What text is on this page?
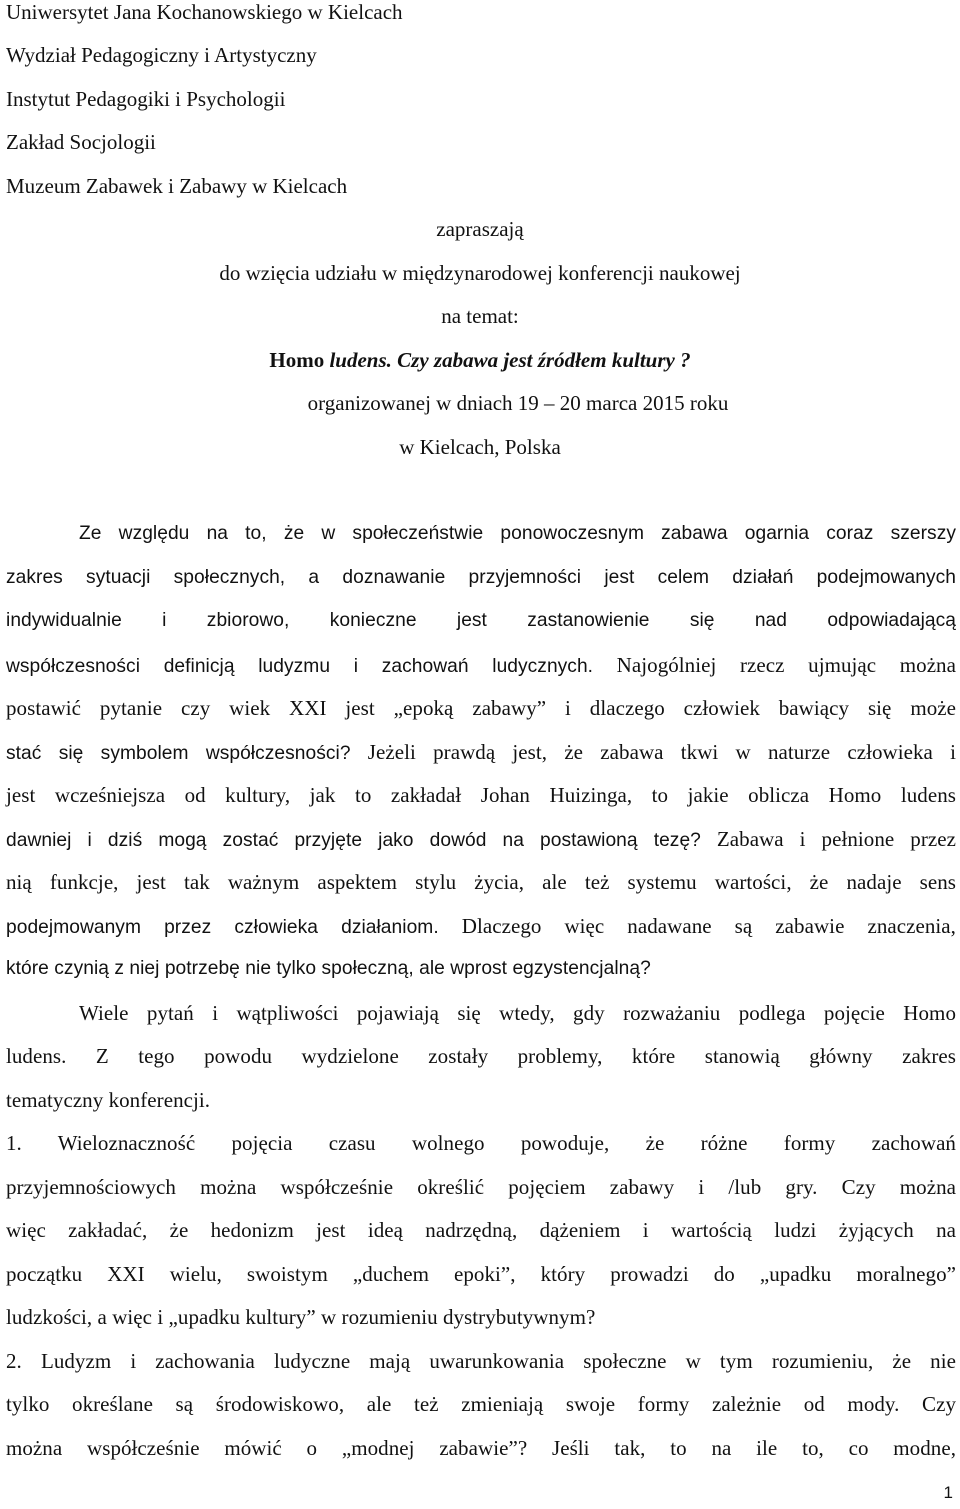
Uniwersytet Jana Kochanowskiego w Kielcach
Wydział Pedagogiczny i Artystyczny
Instytut Pedagogiki i Psychologii
Zakład Socjologii
Muzeum Zabawek i Zabawy w Kielcach
zapraszają
do wzięcia udziału w międzynarodowej konferencji naukowej
na temat:
Homo ludens. Czy zabawa jest źródłem kultury ?
organizowanej w dniach 19 – 20 marca 2015 roku
w Kielcach, Polska
Ze względu na to, że w społeczeństwie ponowoczesnym zabawa ogarnia coraz szerszy
zakres sytuacji społecznych, a doznawanie przyjemności jest celem działań podejmowanych
indywidualnie i zbiorowo, konieczne jest zastanowienie się nad odpowiadającą
współczesności definicją ludyzmu i zachowań ludycznych. Najogólniej rzecz ujmując można
postawić pytanie czy wiek XXI jest „epoką zabawy” i dlaczego człowiek bawiący się może
stać się symbolem współczesności? Jeżeli prawdą jest, że zabawa tkwi w naturze człowieka i
jest wcześniejsza od kultury, jak to zakładał Johan Huizinga, to jakie oblicza Homo ludens
dawniej i dziś mogą zostać przyjęte jako dowód na postawioną tezę? Zabawa i pełnione przez
nią funkcje, jest tak ważnym aspektem stylu życia, ale też systemu wartości, że nadaje sens
podejmowanym przez człowieka działaniom. Dlaczego więc nadawane są zabawie znaczenia,
które czynią z niej potrzebę nie tylko społeczną, ale wprost egzystencjalną?
Wiele pytań i wątpliwości pojawiają się wtedy, gdy rozważaniu podlega pojęcie Homo
ludens. Z tego powodu wydzielone zostały problemy, które stanowią główny zakres
tematyczny konferencji.
1. Wieloznaczność pojęcia czasu wolnego powoduje, że różne formy zachowań
przyjemnościowych można współcześnie określić pojęciem zabawy i /lub gry. Czy można
więc zakładać, że hedonizm jest ideą nadrzędną, dążeniem i wartością ludzi żyjących na
początku XXI wielu, swoistym „duchem epoki”, który prowadzi do „upadku moralnego”
ludzkości, a więc i „upadku kultury” w rozumieniu dystrybutywnym?
2. Ludyzm i zachowania ludyczne mają uwarunkowania społeczne w tym rozumieniu, że nie
tylko określane są środowiskowo, ale też zmieniają swoje formy zależnie od mody. Czy
można współcześnie mówić o „modnej zabawie”? Jeśli tak, to na ile to, co modne,
1
